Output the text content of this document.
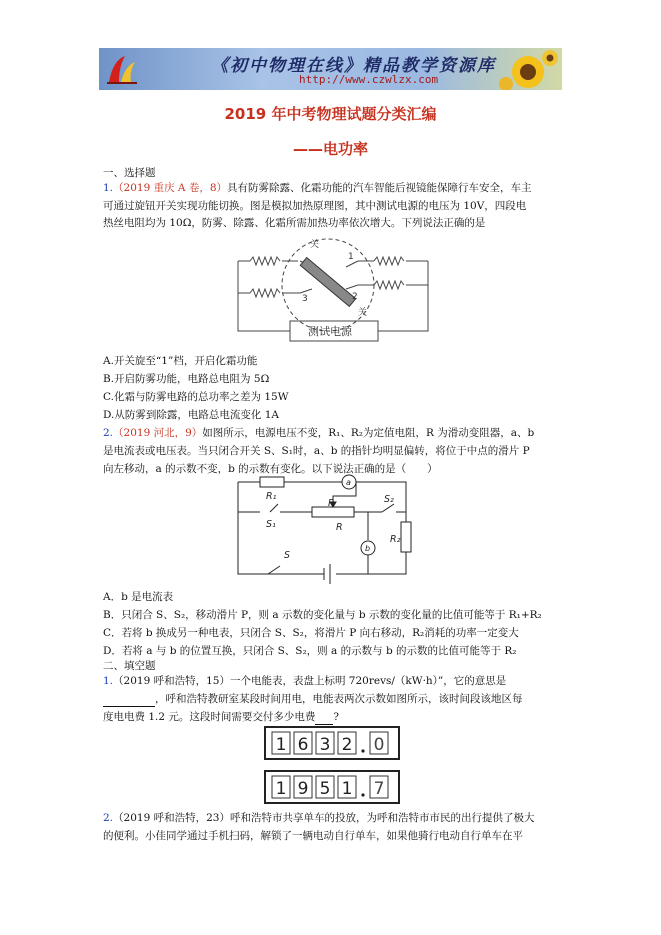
《初中物理在线》精品教学资源库
http://www.czwlzx.com
2019 年中考物理试题分类汇编
——电功率
一、选择题
1.（2019 重庆 A 卷，8）具有防雾除露、化霜功能的汽车智能后视镜能保障行车安全，车主
可通过旋钮开关实现功能切换。图是模拟加热原理图，其中测试电源的电压为 10V，四段电
热丝电阻均为 10Ω，防雾、除露、化霜所需加热功率依次增大。下列说法正确的是
关
关
1
2
3
测试电源
A.开关旋至“1”档，开启化霜功能
B.开启防雾功能，电路总电阻为 5Ω
C.化霜与防雾电路的总功率之差为 15W
D.从防雾到除露，电路总电流变化 1A
2.（2019 河北，9）如图所示，电源电压不变，R₁、R₂为定值电阻，R 为滑动变阻器，a、b
是电流表或电压表。当只闭合开关 S、S₁时，a、b 的指针均明显偏转，将位于中点的滑片 P
向左移动，a 的示数不变，b 的示数有变化。以下说法正确的是（　　）
R₁
S₁
P
R
a
b
S₂
R₂
S
A．b 是电流表
B．只闭合 S、S₂，移动滑片 P，则 a 示数的变化量与 b 示数的变化量的比值可能等于 R₁+R₂
C．若将 b 换成另一种电表，只闭合 S、S₂，将滑片 P 向右移动，R₂消耗的功率一定变大
D．若将 a 与 b 的位置互换，只闭合 S、S₂，则 a 的示数与 b 的示数的比值可能等于 R₂
二、填空题
1.（2019 呼和浩特，15）一个电能表，表盘上标明 720revs/（kW·h）”，它的意思是
，呼和浩特教研室某段时间用电，电能表两次示数如图所示，该时间段该地区每
度电电费 1.2 元。这段时间需要交付多少电费 ?
1 6 3 2 0
1 9 5 1 7
2.（2019 呼和浩特，23）呼和浩特市共享单车的投放，为呼和浩特市市民的出行提供了极大
的便利。小佳同学通过手机扫码，解锁了一辆电动自行单车，如果他骑行电动自行单车在平
